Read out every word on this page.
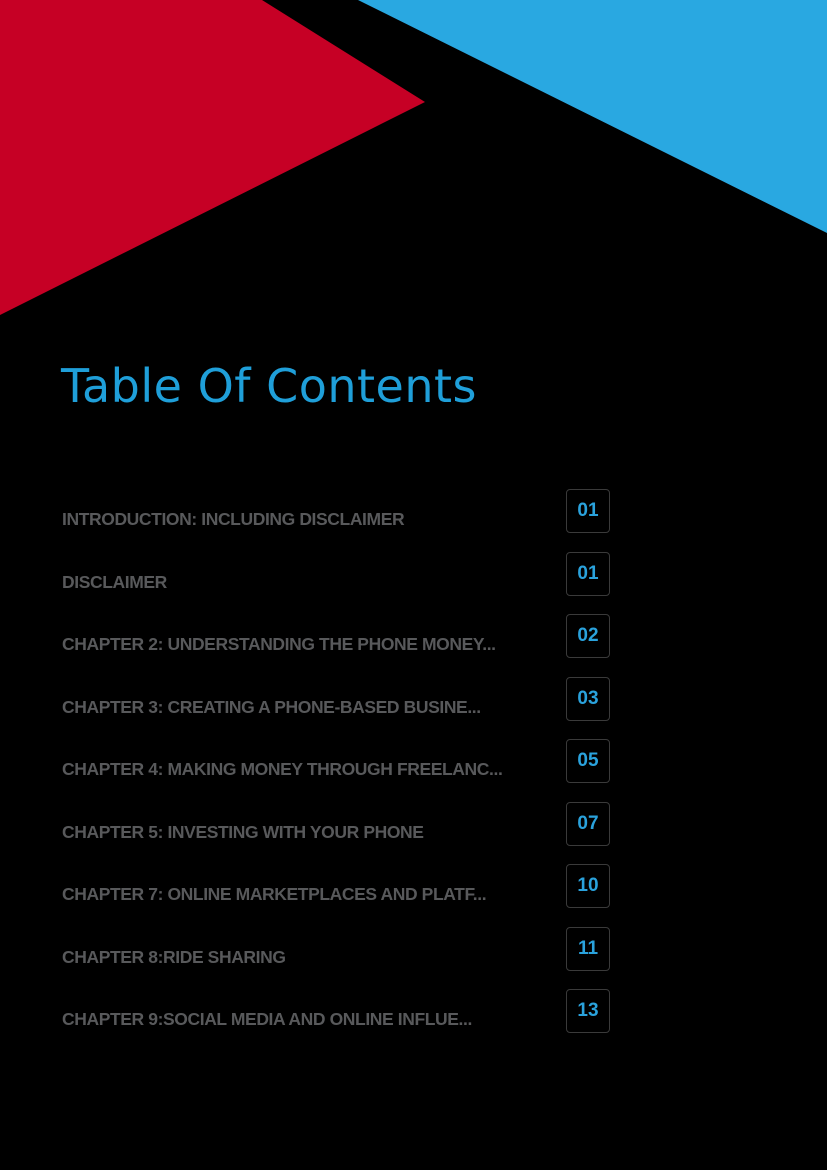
Table Of Contents
INTRODUCTION: INCLUDING DISCLAIMER	01
DISCLAIMER	01
CHAPTER 2: UNDERSTANDING THE PHONE MONEY...	02
CHAPTER 3: CREATING A PHONE-BASED BUSINE...	03
CHAPTER 4: MAKING MONEY THROUGH FREELANC...	05
CHAPTER 5: INVESTING WITH YOUR PHONE	07
CHAPTER 7: ONLINE MARKETPLACES AND PLATF...	10
CHAPTER 8:RIDE SHARING	11
CHAPTER 9:SOCIAL MEDIA AND ONLINE INFLUE...	13
